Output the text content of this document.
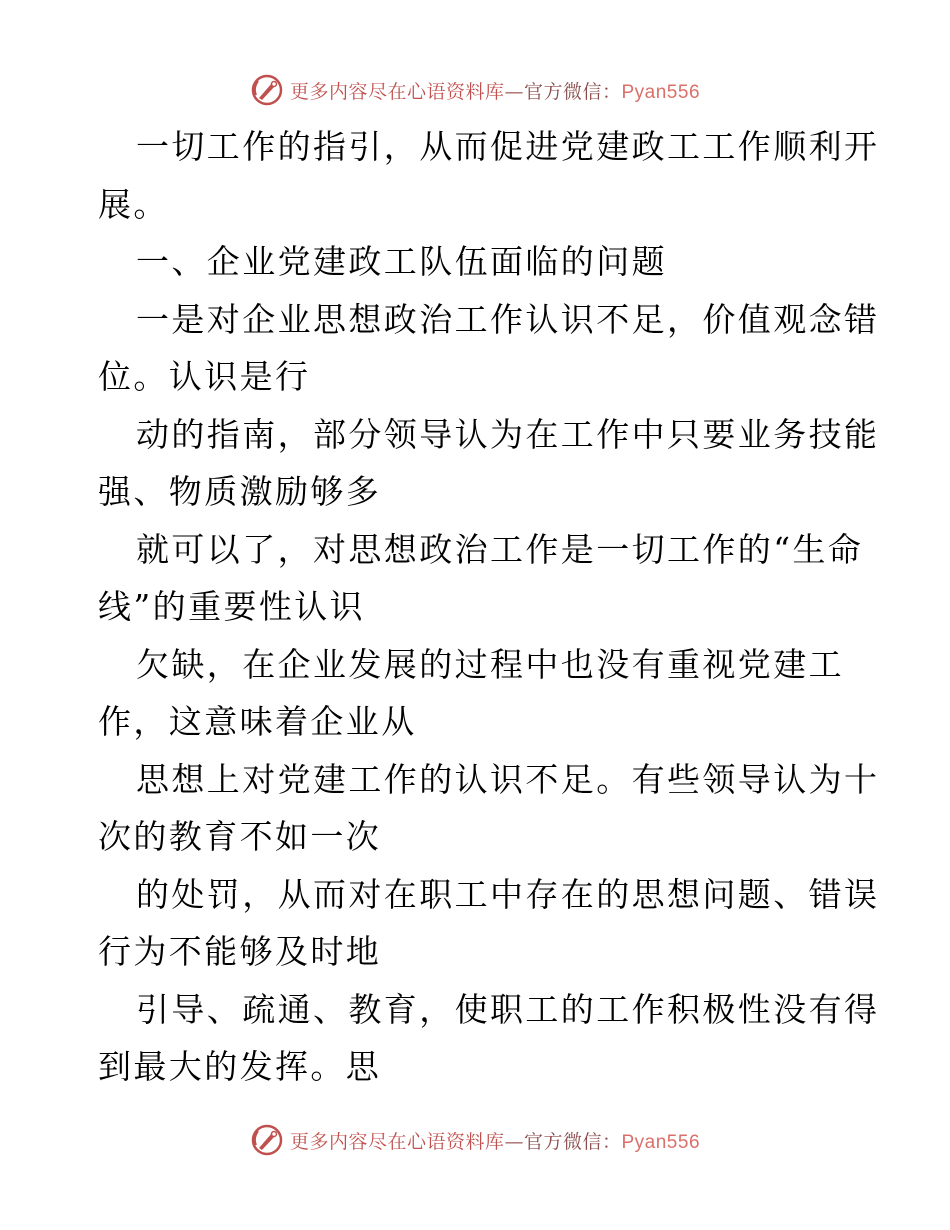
更多内容尽在心语资料库—官方微信：Pyan556
一切工作的指引，从而促进党建政工工作顺利开
展。
一、企业党建政工队伍面临的问题
一是对企业思想政治工作认识不足，价值观念错
位。认识是行
动的指南，部分领导认为在工作中只要业务技能
强、物质激励够多
就可以了，对思想政治工作是一切工作的“生命
线”的重要性认识
欠缺，在企业发展的过程中也没有重视党建工
作，这意味着企业从
思想上对党建工作的认识不足。有些领导认为十
次的教育不如一次
的处罚，从而对在职工中存在的思想问题、错误
行为不能够及时地
引导、疏通、教育，使职工的工作积极性没有得
到最大的发挥。思
更多内容尽在心语资料库—官方微信：Pyan556
